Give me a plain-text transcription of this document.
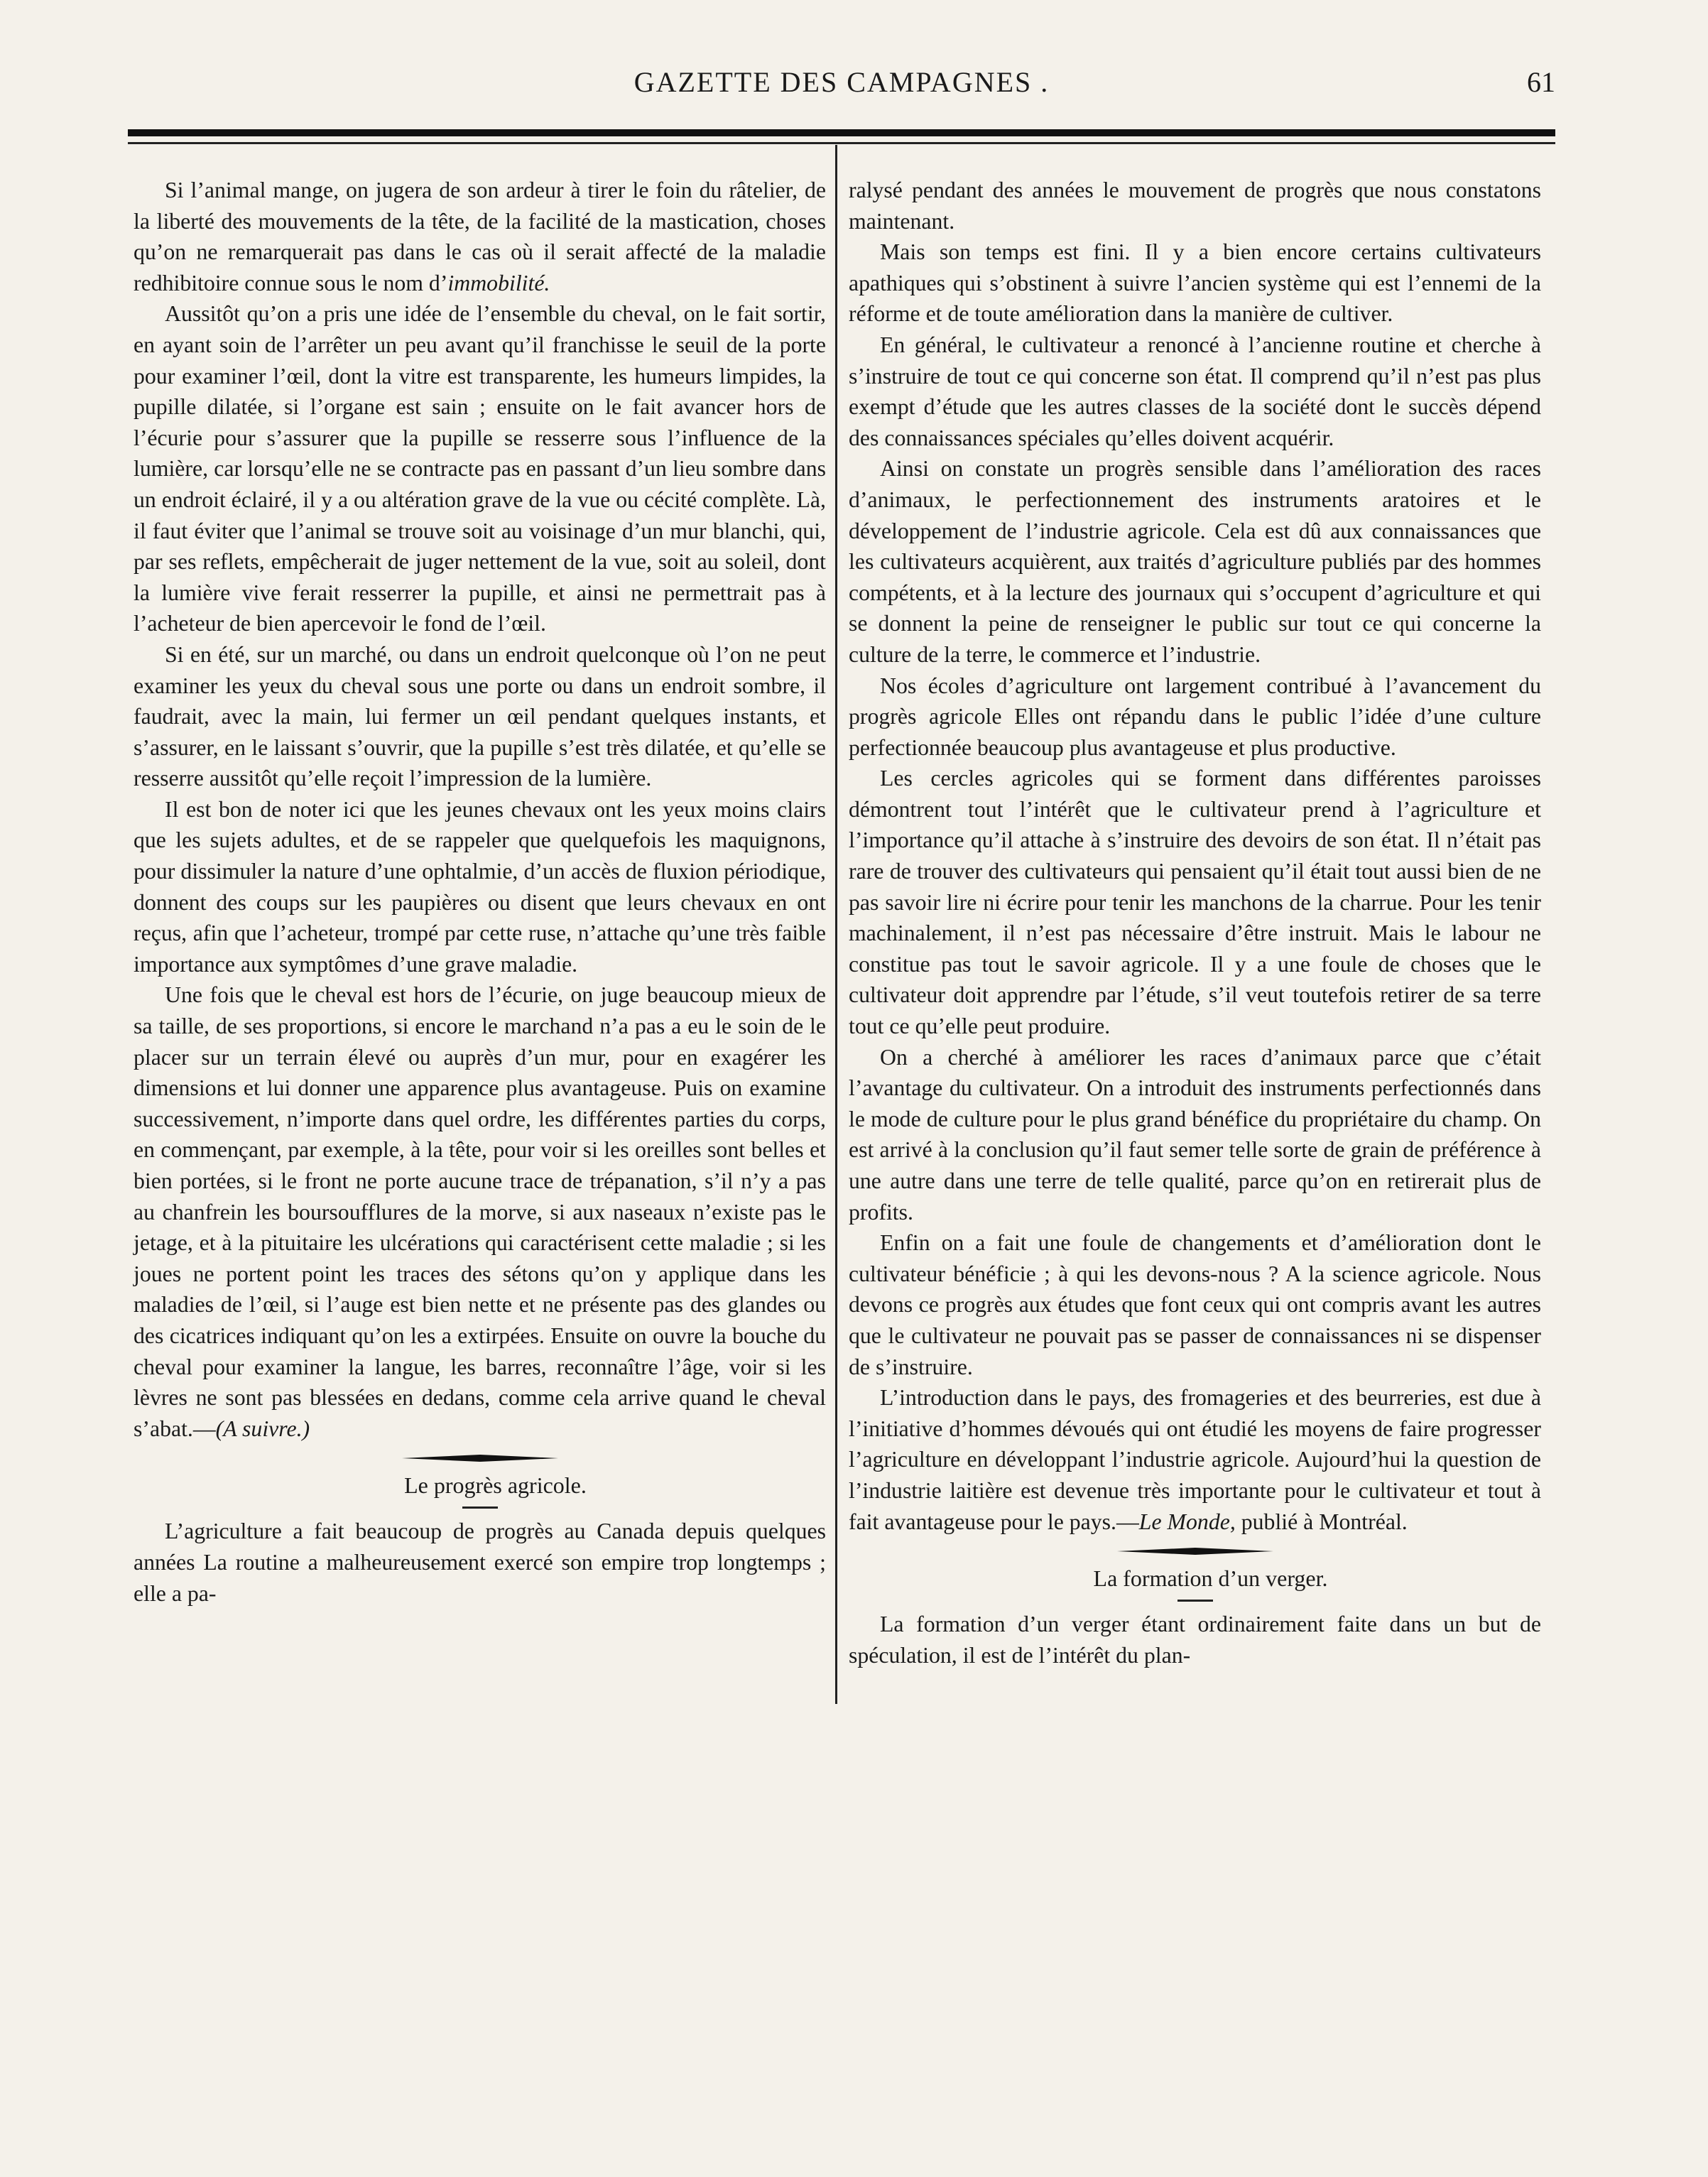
GAZETTE DES CAMPAGNES .	61

Si l’animal mange, on jugera de son ardeur à tirer le foin du râtelier, de la liberté des mouvements de la tête, de la facilité de la mastication, choses qu’on ne remarquerait pas dans le cas où il serait affecté de la maladie redhibitoire connue sous le nom d’immobilité.

Aussitôt qu’on a pris une idée de l’ensemble du cheval, on le fait sortir, en ayant soin de l’arrêter un peu avant qu’il franchisse le seuil de la porte pour examiner l’œil, dont la vitre est transparente, les humeurs limpides, la pupille dilatée, si l’organe est sain ; ensuite on le fait avancer hors de l’écurie pour s’assurer que la pupille se resserre sous l’influence de la lumière, car lorsqu’elle ne se contracte pas en passant d’un lieu sombre dans un endroit éclairé, il y a ou altération grave de la vue ou cécité complète. Là, il faut éviter que l’animal se trouve soit au voisinage d’un mur blanchi, qui, par ses reflets, empêcherait de juger nettement de la vue, soit au soleil, dont la lumière vive ferait resserrer la pupille, et ainsi ne permettrait pas à l’acheteur de bien apercevoir le fond de l’œil.

Si en été, sur un marché, ou dans un endroit quelconque où l’on ne peut examiner les yeux du cheval sous une porte ou dans un endroit sombre, il faudrait, avec la main, lui fermer un œil pendant quelques instants, et s’assurer, en le laissant s’ouvrir, que la pupille s’est très dilatée, et qu’elle se resserre aussitôt qu’elle reçoit l’impression de la lumière.

Il est bon de noter ici que les jeunes chevaux ont les yeux moins clairs que les sujets adultes, et de se rappeler que quelquefois les maquignons, pour dissimuler la nature d’une ophtalmie, d’un accès de fluxion périodique, donnent des coups sur les paupières ou disent que leurs chevaux en ont reçus, afin que l’acheteur, trompé par cette ruse, n’attache qu’une très faible importance aux symptômes d’une grave maladie.

Une fois que le cheval est hors de l’écurie, on juge beaucoup mieux de sa taille, de ses proportions, si encore le marchand n’a pas a eu le soin de le placer sur un terrain élevé ou auprès d’un mur, pour en exagérer les dimensions et lui donner une apparence plus avantageuse. Puis on examine successivement, n’importe dans quel ordre, les différentes parties du corps, en commençant, par exemple, à la tête, pour voir si les oreilles sont belles et bien portées, si le front ne porte aucune trace de trépanation, s’il n’y a pas au chanfrein les boursoufflures de la morve, si aux naseaux n’existe pas le jetage, et à la pituitaire les ulcérations qui caractérisent cette maladie ; si les joues ne portent point les traces des sétons qu’on y applique dans les maladies de l’œil, si l’auge est bien nette et ne présente pas des glandes ou des cicatrices indiquant qu’on les a extirpées. Ensuite on ouvre la bouche du cheval pour examiner la langue, les barres, reconnaître l’âge, voir si les lèvres ne sont pas blessées en dedans, comme cela arrive quand le cheval s’abat.—(A suivre.)

Le progrès agricole.

L’agriculture a fait beaucoup de progrès au Canada depuis quelques années La routine a malheureusement exercé son empire trop longtemps ; elle a pa-

ralysé pendant des années le mouvement de progrès que nous constatons maintenant.

Mais son temps est fini. Il y a bien encore certains cultivateurs apathiques qui s’obstinent à suivre l’ancien système qui est l’ennemi de la réforme et de toute amélioration dans la manière de cultiver.

En général, le cultivateur a renoncé à l’ancienne routine et cherche à s’instruire de tout ce qui concerne son état. Il comprend qu’il n’est pas plus exempt d’étude que les autres classes de la société dont le succès dépend des connaissances spéciales qu’elles doivent acquérir.

Ainsi on constate un progrès sensible dans l’amélioration des races d’animaux, le perfectionnement des instruments aratoires et le développement de l’industrie agricole. Cela est dû aux connaissances que les cultivateurs acquièrent, aux traités d’agriculture publiés par des hommes compétents, et à la lecture des journaux qui s’occupent d’agriculture et qui se donnent la peine de renseigner le public sur tout ce qui concerne la culture de la terre, le commerce et l’industrie.

Nos écoles d’agriculture ont largement contribué à l’avancement du progrès agricole Elles ont répandu dans le public l’idée d’une culture perfectionnée beaucoup plus avantageuse et plus productive.

Les cercles agricoles qui se forment dans différentes paroisses démontrent tout l’intérêt que le cultivateur prend à l’agriculture et l’importance qu’il attache à s’instruire des devoirs de son état. Il n’était pas rare de trouver des cultivateurs qui pensaient qu’il était tout aussi bien de ne pas savoir lire ni écrire pour tenir les manchons de la charrue. Pour les tenir machinalement, il n’est pas nécessaire d’être instruit. Mais le labour ne constitue pas tout le savoir agricole. Il y a une foule de choses que le cultivateur doit apprendre par l’étude, s’il veut toutefois retirer de sa terre tout ce qu’elle peut produire.

On a cherché à améliorer les races d’animaux parce que c’était l’avantage du cultivateur. On a introduit des instruments perfectionnés dans le mode de culture pour le plus grand bénéfice du propriétaire du champ. On est arrivé à la conclusion qu’il faut semer telle sorte de grain de préférence à une autre dans une terre de telle qualité, parce qu’on en retirerait plus de profits.

Enfin on a fait une foule de changements et d’amélioration dont le cultivateur bénéficie ; à qui les devons-nous ? A la science agricole. Nous devons ce progrès aux études que font ceux qui ont compris avant les autres que le cultivateur ne pouvait pas se passer de connaissances ni se dispenser de s’instruire.

L’introduction dans le pays, des fromageries et des beurreries, est due à l’initiative d’hommes dévoués qui ont étudié les moyens de faire progresser l’agriculture en développant l’industrie agricole. Aujourd’hui la question de l’industrie laitière est devenue très importante pour le cultivateur et tout à fait avantageuse pour le pays.—Le Monde, publié à Montréal.

La formation d’un verger.

La formation d’un verger étant ordinairement faite dans un but de spéculation, il est de l’intérêt du plan-
